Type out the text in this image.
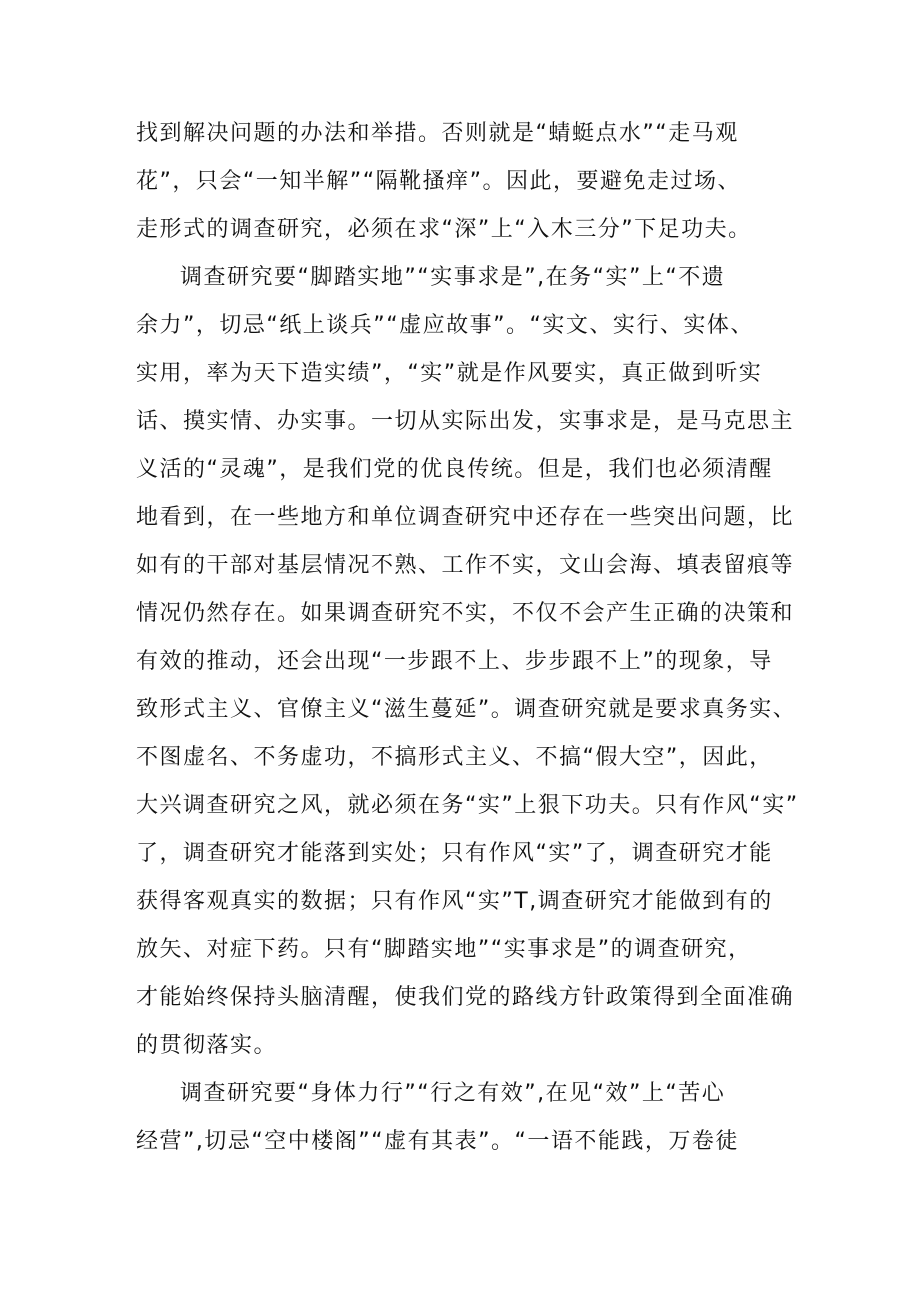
找到解决问题的办法和举措。否则就是“蜻蜓点水”“走马观
花”，只会“一知半解”“隔靴搔痒”。因此，要避免走过场、
走形式的调查研究，必须在求“深”上“入木三分”下足功夫。
调查研究要“脚踏实地”“实事求是”,在务“实”上“不遗
余力”，切忌“纸上谈兵”“虚应故事”。“实文、实行、实体、
实用，率为天下造实绩”，“实”就是作风要实，真正做到听实
话、摸实情、办实事。一切从实际出发，实事求是，是马克思主
义活的“灵魂”，是我们党的优良传统。但是，我们也必须清醒
地看到，在一些地方和单位调查研究中还存在一些突出问题，比
如有的干部对基层情况不熟、工作不实，文山会海、填表留痕等
情况仍然存在。如果调查研究不实，不仅不会产生正确的决策和
有效的推动，还会出现“一步跟不上、步步跟不上”的现象，导
致形式主义、官僚主义“滋生蔓延”。调查研究就是要求真务实、
不图虚名、不务虚功，不搞形式主义、不搞“假大空”，因此，
大兴调查研究之风，就必须在务“实”上狠下功夫。只有作风“实”
了，调查研究才能落到实处；只有作风“实”了，调查研究才能
获得客观真实的数据；只有作风“实”T,调查研究才能做到有的
放矢、对症下药。只有“脚踏实地”“实事求是”的调查研究，
才能始终保持头脑清醒，使我们党的路线方针政策得到全面准确
的贯彻落实。
调查研究要“身体力行”“行之有效”,在见“效”上“苦心
经营”,切忌“空中楼阁”“虚有其表”。“一语不能践，万卷徒
